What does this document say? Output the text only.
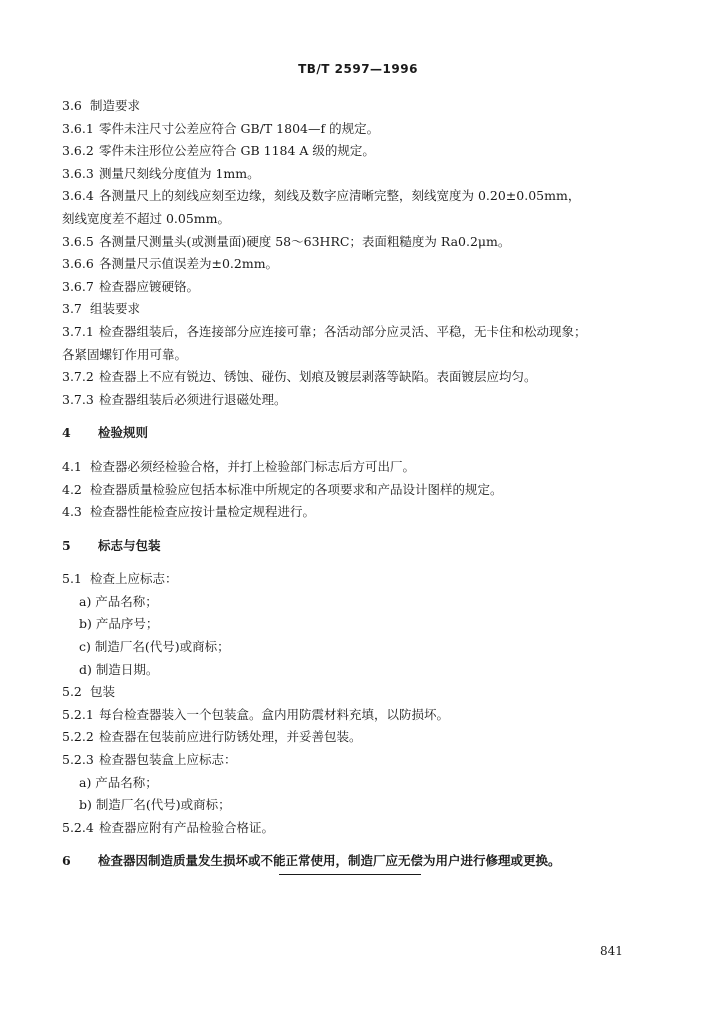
TB/T 2597—1996
3.6 制造要求
3.6.1 零件未注尺寸公差应符合 GB/T 1804—f 的规定。
3.6.2 零件未注形位公差应符合 GB 1184 A 级的规定。
3.6.3 测量尺刻线分度值为 1mm。
3.6.4 各测量尺上的刻线应刻至边缘，刻线及数字应清晰完整，刻线宽度为 0.20±0.05mm，
刻线宽度差不超过 0.05mm。
3.6.5 各测量尺测量头(或测量面)硬度 58～63HRC；表面粗糙度为 Ra0.2μm。
3.6.6 各测量尺示值误差为±0.2mm。
3.6.7 检查器应镀硬铬。
3.7 组装要求
3.7.1 检查器组装后，各连接部分应连接可靠；各活动部分应灵活、平稳，无卡住和松动现象；
各紧固螺钉作用可靠。
3.7.2 检查器上不应有锐边、锈蚀、碰伤、划痕及镀层剥落等缺陷。表面镀层应均匀。
3.7.3 检查器组装后必须进行退磁处理。
4 检验规则
4.1 检查器必须经检验合格，并打上检验部门标志后方可出厂。
4.2 检查器质量检验应包括本标准中所规定的各项要求和产品设计图样的规定。
4.3 检查器性能检查应按计量检定规程进行。
5 标志与包装
5.1 检查上应标志：
a) 产品名称；
b) 产品序号；
c) 制造厂名(代号)或商标；
d) 制造日期。
5.2 包装
5.2.1 每台检查器装入一个包装盒。盒内用防震材料充填，以防损坏。
5.2.2 检查器在包装前应进行防锈处理，并妥善包装。
5.2.3 检查器包装盒上应标志：
a) 产品名称；
b) 制造厂名(代号)或商标；
5.2.4 检查器应附有产品检验合格证。
6 检查器因制造质量发生损坏或不能正常使用，制造厂应无偿为用户进行修理或更换。
841
